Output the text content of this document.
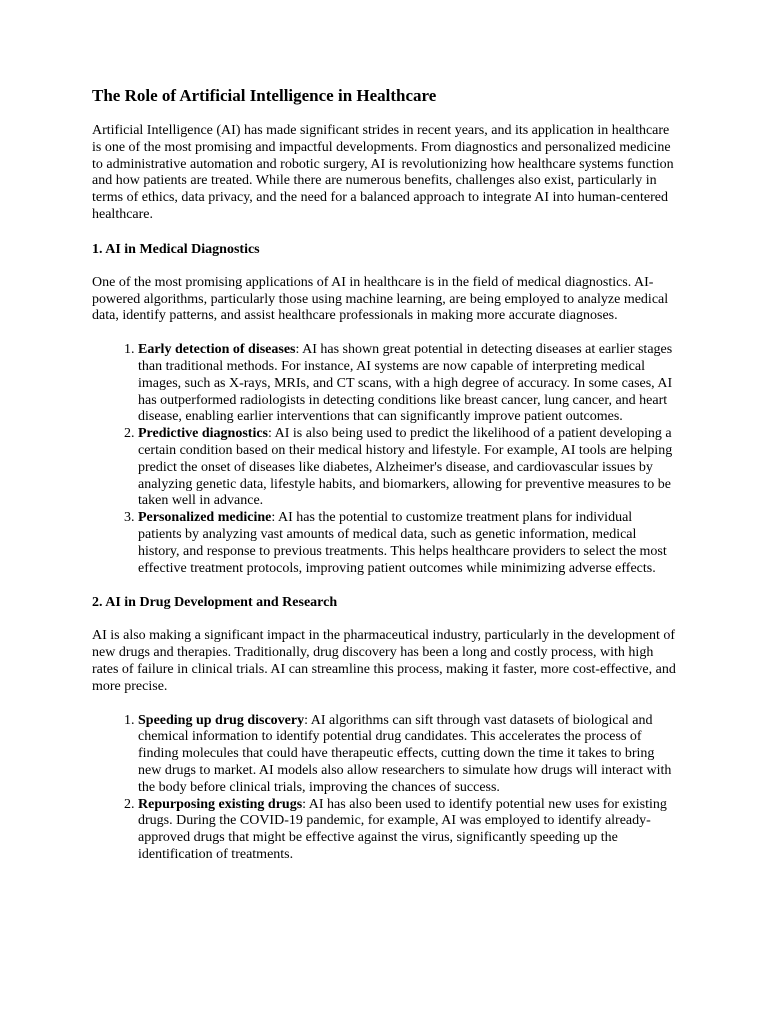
The Role of Artificial Intelligence in Healthcare

Artificial Intelligence (AI) has made significant strides in recent years, and its application in healthcare is one of the most promising and impactful developments. From diagnostics and personalized medicine to administrative automation and robotic surgery, AI is revolutionizing how healthcare systems function and how patients are treated. While there are numerous benefits, challenges also exist, particularly in terms of ethics, data privacy, and the need for a balanced approach to integrate AI into human-centered healthcare.

1. AI in Medical Diagnostics

One of the most promising applications of AI in healthcare is in the field of medical diagnostics. AI-powered algorithms, particularly those using machine learning, are being employed to analyze medical data, identify patterns, and assist healthcare professionals in making more accurate diagnoses.

1. Early detection of diseases: AI has shown great potential in detecting diseases at earlier stages than traditional methods. For instance, AI systems are now capable of interpreting medical images, such as X-rays, MRIs, and CT scans, with a high degree of accuracy. In some cases, AI has outperformed radiologists in detecting conditions like breast cancer, lung cancer, and heart disease, enabling earlier interventions that can significantly improve patient outcomes.
2. Predictive diagnostics: AI is also being used to predict the likelihood of a patient developing a certain condition based on their medical history and lifestyle. For example, AI tools are helping predict the onset of diseases like diabetes, Alzheimer's disease, and cardiovascular issues by analyzing genetic data, lifestyle habits, and biomarkers, allowing for preventive measures to be taken well in advance.
3. Personalized medicine: AI has the potential to customize treatment plans for individual patients by analyzing vast amounts of medical data, such as genetic information, medical history, and response to previous treatments. This helps healthcare providers to select the most effective treatment protocols, improving patient outcomes while minimizing adverse effects.
2. AI in Drug Development and Research

AI is also making a significant impact in the pharmaceutical industry, particularly in the development of new drugs and therapies. Traditionally, drug discovery has been a long and costly process, with high rates of failure in clinical trials. AI can streamline this process, making it faster, more cost-effective, and more precise.

1. Speeding up drug discovery: AI algorithms can sift through vast datasets of biological and chemical information to identify potential drug candidates. This accelerates the process of finding molecules that could have therapeutic effects, cutting down the time it takes to bring new drugs to market. AI models also allow researchers to simulate how drugs will interact with the body before clinical trials, improving the chances of success.
2. Repurposing existing drugs: AI has also been used to identify potential new uses for existing drugs. During the COVID-19 pandemic, for example, AI was employed to identify already-approved drugs that might be effective against the virus, significantly speeding up the identification of treatments.
